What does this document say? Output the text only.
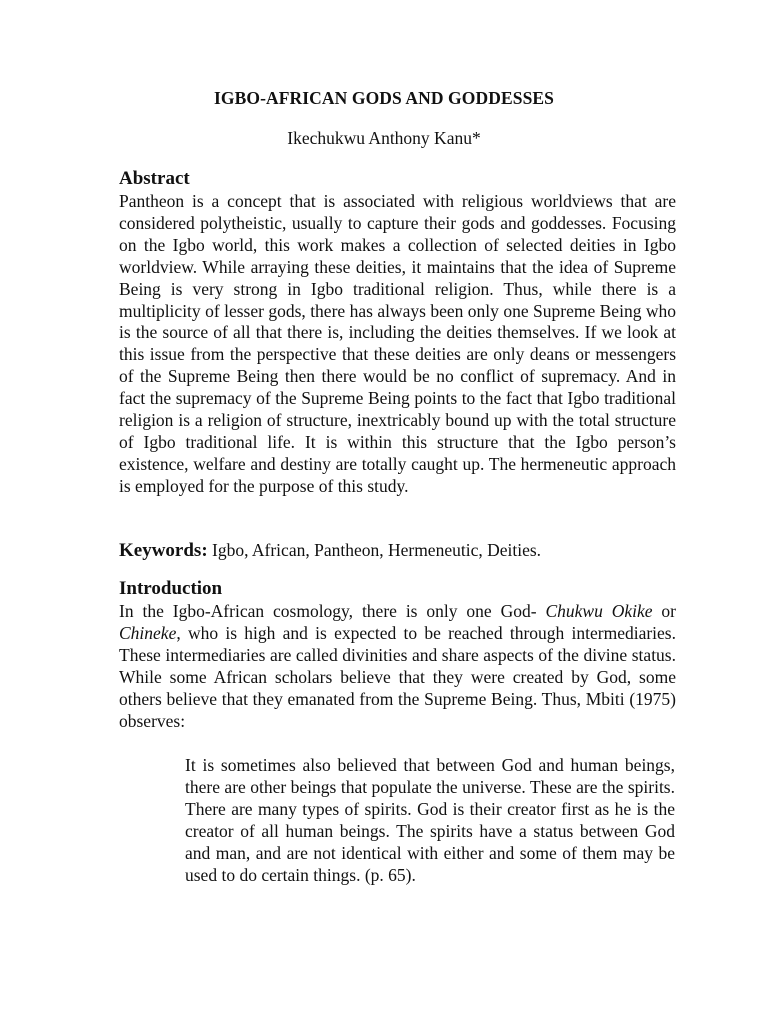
IGBO-AFRICAN GODS AND GODDESSES
Ikechukwu Anthony Kanu*
Abstract

Pantheon is a concept that is associated with religious worldviews that are considered polytheistic, usually to capture their gods and goddesses. Focusing on the Igbo world, this work makes a collection of selected deities in Igbo worldview. While arraying these deities, it maintains that the idea of Supreme Being is very strong in Igbo traditional religion. Thus, while there is a multiplicity of lesser gods, there has always been only one Supreme Being who is the source of all that there is, including the deities themselves. If we look at this issue from the perspective that these deities are only deans or messengers of the Supreme Being then there would be no conflict of supremacy. And in fact the supremacy of the Supreme Being points to the fact that Igbo traditional religion is a religion of structure, inextricably bound up with the total structure of Igbo traditional life. It is within this structure that the Igbo person’s existence, welfare and destiny are totally caught up. The hermeneutic approach is employed for the purpose of this study.

Keywords: Igbo, African, Pantheon, Hermeneutic, Deities.

Introduction

In the Igbo-African cosmology, there is only one God- Chukwu Okike or Chineke, who is high and is expected to be reached through intermediaries. These intermediaries are called divinities and share aspects of the divine status. While some African scholars believe that they were created by God, some others believe that they emanated from the Supreme Being. Thus, Mbiti (1975) observes:

It is sometimes also believed that between God and human beings, there are other beings that populate the universe. These are the spirits. There are many types of spirits. God is their creator first as he is the creator of all human beings. The spirits have a status between God and man, and are not identical with either and some of them may be used to do certain things. (p. 65).
